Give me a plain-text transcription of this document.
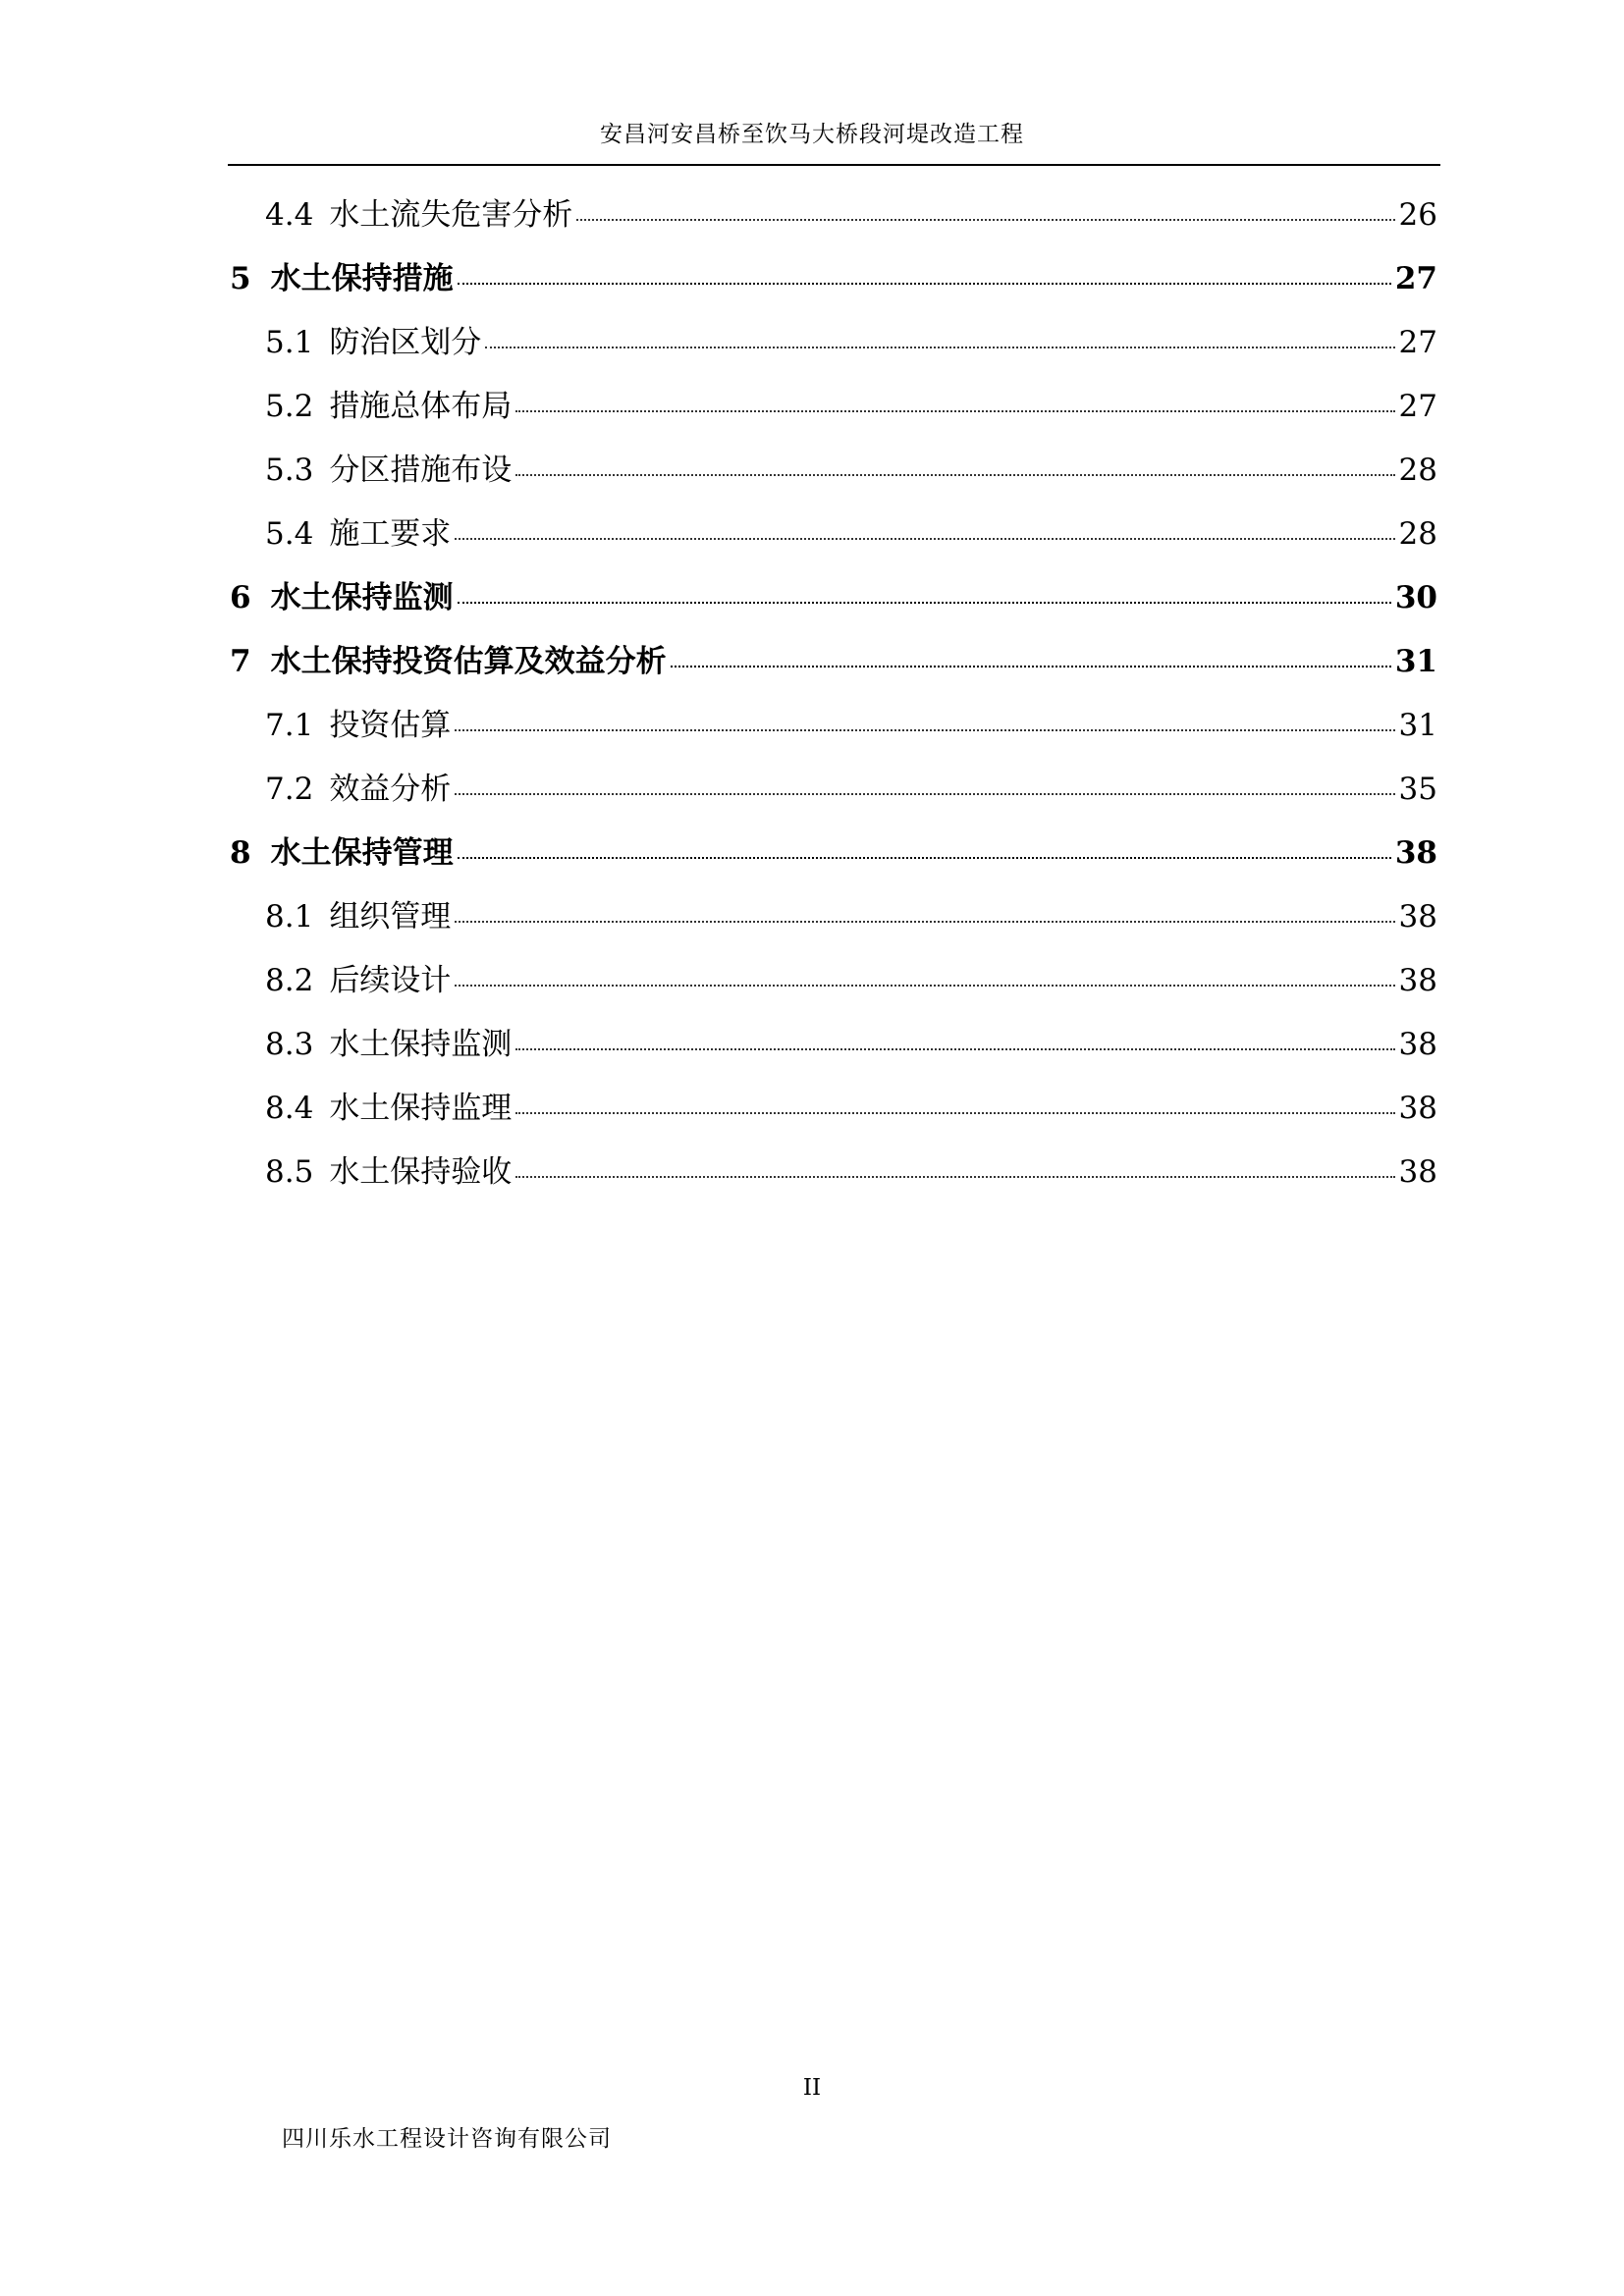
安昌河安昌桥至饮马大桥段河堤改造工程
4.4 水土流失危害分析	26
5 水土保持措施	27
5.1 防治区划分	27
5.2 措施总体布局	27
5.3 分区措施布设	28
5.4 施工要求	28
6 水土保持监测	30
7 水土保持投资估算及效益分析	31
7.1 投资估算	31
7.2 效益分析	35
8 水土保持管理	38
8.1 组织管理	38
8.2 后续设计	38
8.3 水土保持监测	38
8.4 水土保持监理	38
8.5 水土保持验收	38
II
四川乐水工程设计咨询有限公司
